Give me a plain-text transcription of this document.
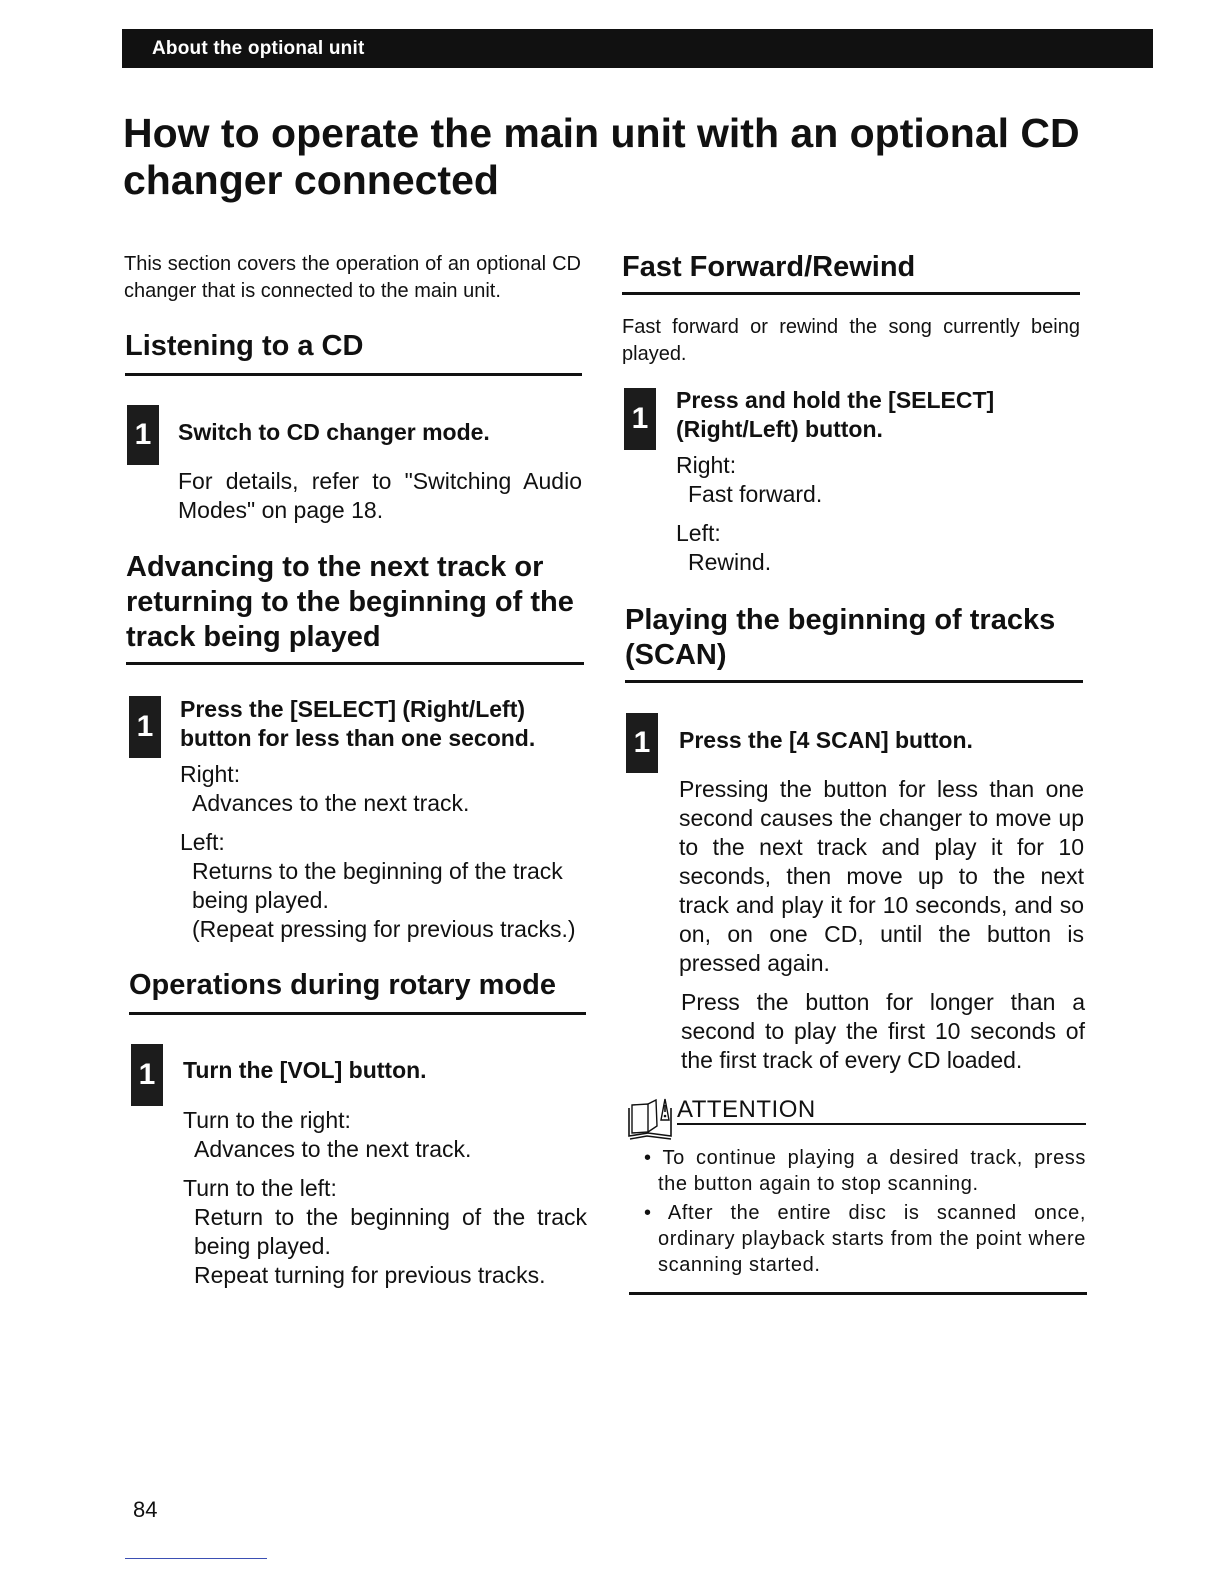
About the optional unit
How to operate the main unit with an optional CD changer connected

This section covers the operation of an optional CD changer that is connected to the main unit.

Listening to a CD
1	Switch to CD changer mode.

For details, refer to "Switching Audio Modes" on page 18.

Advancing to the next track or returning to the beginning of the track being played
1

Press the [SELECT] (Right/Left) button for less than one second.

Right:

Advances to the next track.

Left:

Returns to the beginning of the track being played.

(Repeat pressing for previous tracks.)

Operations during rotary mode
1	Turn the [VOL] button.

Turn to the right:

Advances to the next track.

Turn to the left:

Return to the beginning of the track being played.

Repeat turning for previous tracks.

Fast Forward/Rewind

Fast forward or rewind the song currently being played.

1

Press and hold the [SELECT] (Right/Left) button.

Right:

Fast forward.

Left:

Rewind.

Playing the beginning of tracks (SCAN)
1	Press the [4 SCAN] button.

Pressing the button for less than one second causes the changer to move up to the next track and play it for 10 seconds, then move up to the next track and play it for 10 seconds, and so on, on one CD, until the button is pressed again.

Press the button for longer than a second to play the first 10 seconds of the first track of every CD loaded.

ATTENTION

• To continue playing a desired track, press the button again to stop scanning.

• After the entire disc is scanned once, ordinary playback starts from the point where scanning started.

84
